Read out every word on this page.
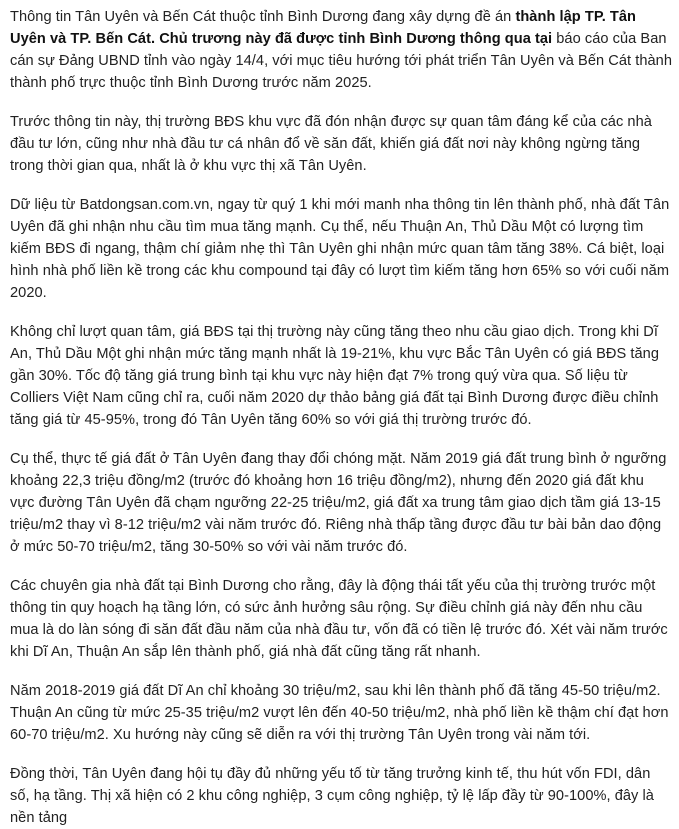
Thông tin Tân Uyên và Bến Cát thuộc tỉnh Bình Dương đang xây dựng đề án thành lập TP. Tân Uyên và TP. Bến Cát. Chủ trương này đã được tỉnh Bình Dương thông qua tại báo cáo của Ban cán sự Đảng UBND tỉnh vào ngày 14/4, với mục tiêu hướng tới phát triển Tân Uyên và Bến Cát thành thành phố trực thuộc tỉnh Bình Dương trước năm 2025.

Trước thông tin này, thị trường BĐS khu vực đã đón nhận được sự quan tâm đáng kể của các nhà đầu tư lớn, cũng như nhà đầu tư cá nhân đổ về săn đất, khiến giá đất nơi này không ngừng tăng trong thời gian qua, nhất là ở khu vực thị xã Tân Uyên.

Dữ liệu từ Batdongsan.com.vn, ngay từ quý 1 khi mới manh nha thông tin lên thành phố, nhà đất Tân Uyên đã ghi nhận nhu cầu tìm mua tăng mạnh. Cụ thể, nếu Thuận An, Thủ Dầu Một có lượng tìm kiếm BĐS đi ngang, thậm chí giảm nhẹ thì Tân Uyên ghi nhận mức quan tâm tăng 38%. Cá biệt, loại hình nhà phố liền kề trong các khu compound tại đây có lượt tìm kiếm tăng hơn 65% so với cuối năm 2020.

Không chỉ lượt quan tâm, giá BĐS tại thị trường này cũng tăng theo nhu cầu giao dịch. Trong khi Dĩ An, Thủ Dầu Một ghi nhận mức tăng mạnh nhất là 19-21%, khu vực Bắc Tân Uyên có giá BĐS tăng gần 30%. Tốc độ tăng giá trung bình tại khu vực này hiện đạt 7% trong quý vừa qua. Số liệu từ Colliers Việt Nam cũng chỉ ra, cuối năm 2020 dự thảo bảng giá đất tại Bình Dương được điều chỉnh tăng giá từ 45-95%, trong đó Tân Uyên tăng 60% so với giá thị trường trước đó.

Cụ thể, thực tế giá đất ở Tân Uyên đang thay đổi chóng mặt. Năm 2019 giá đất trung bình ở ngưỡng khoảng 22,3 triệu đồng/m2 (trước đó khoảng hơn 16 triệu đồng/m2), nhưng đến 2020 giá đất khu vực đường Tân Uyên đã chạm ngưỡng 22-25 triệu/m2, giá đất xa trung tâm giao dịch tầm giá 13-15 triệu/m2 thay vì 8-12 triệu/m2 vài năm trước đó. Riêng nhà thấp tầng được đầu tư bài bản dao động ở mức 50-70 triệu/m2, tăng 30-50% so với vài năm trước đó.

Các chuyên gia nhà đất tại Bình Dương cho rằng, đây là động thái tất yếu của thị trường trước một thông tin quy hoạch hạ tầng lớn, có sức ảnh hưởng sâu rộng. Sự điều chỉnh giá này đến nhu cầu mua là do làn sóng đi săn đất đầu năm của nhà đầu tư, vốn đã có tiền lệ trước đó. Xét vài năm trước khi Dĩ An, Thuận An sắp lên thành phố, giá nhà đất cũng tăng rất nhanh.

Năm 2018-2019 giá đất Dĩ An chỉ khoảng 30 triệu/m2, sau khi lên thành phố đã tăng 45-50 triệu/m2. Thuận An cũng từ mức 25-35 triệu/m2 vượt lên đến 40-50 triệu/m2, nhà phố liền kề thậm chí đạt hơn 60-70 triệu/m2. Xu hướng này cũng sẽ diễn ra với thị trường Tân Uyên trong vài năm tới.

Đồng thời, Tân Uyên đang hội tụ đầy đủ những yếu tố từ tăng trưởng kinh tế, thu hút vốn FDI, dân số, hạ tầng. Thị xã hiện có 2 khu công nghiệp, 3 cụm công nghiệp, tỷ lệ lấp đầy từ 90-100%, đây là nền tảng
